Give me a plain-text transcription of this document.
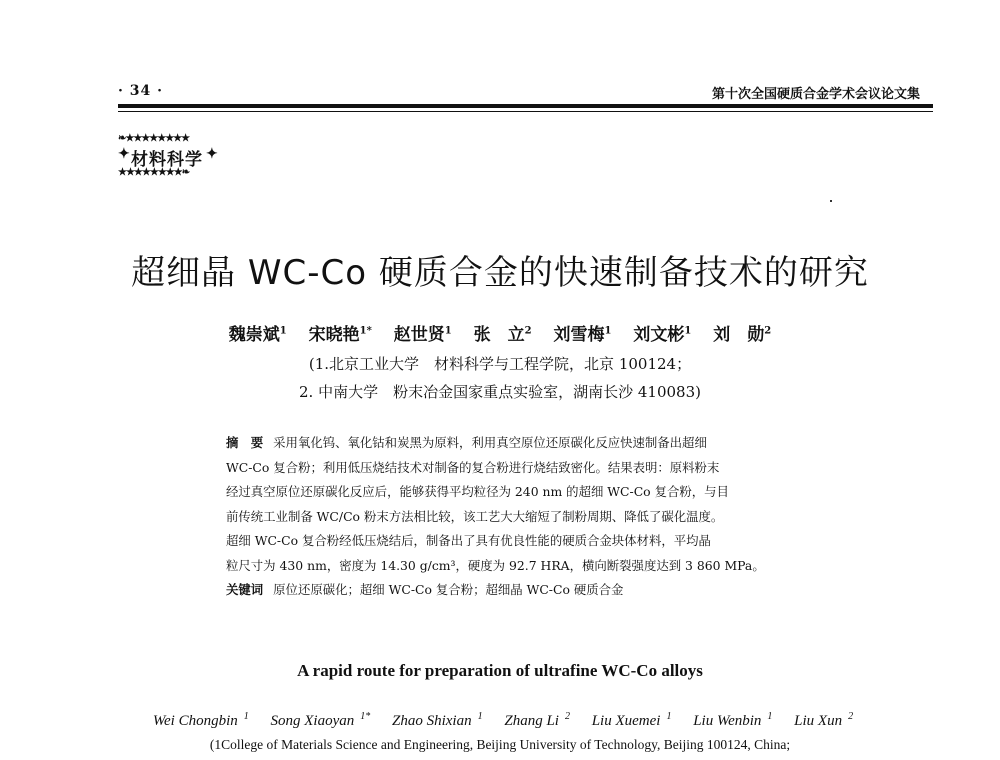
· 34 ·	第十次全国硬质合金学术会议论文集
❧★★★★★★★★
✦ 材料科学 ✦
★★★★★★★★❧
超细晶 WC-Co 硬质合金的快速制备技术的研究
魏崇斌$^1$ 宋晓艳$^{1*}$ 赵世贤$^1$ 张　立$^2$ 刘雪梅$^1$ 刘文彬$^1$ 刘　勋$^2$
(1.北京工业大学　材料科学与工程学院，北京 100124；
2. 中南大学　粉末冶金国家重点实验室，湖南长沙 410083)
摘　要 采用氧化钨、氧化钴和炭黑为原料，利用真空原位还原碳化反应快速制备出超细
WC-Co 复合粉；利用低压烧结技术对制备的复合粉进行烧结致密化。结果表明：原料粉末
经过真空原位还原碳化反应后，能够获得平均粒径为 240 nm 的超细 WC-Co 复合粉，与目
前传统工业制备 WC/Co 粉末方法相比较，该工艺大大缩短了制粉周期、降低了碳化温度。
超细 WC-Co 复合粉经低压烧结后，制备出了具有优良性能的硬质合金块体材料，平均晶
粒尺寸为 430 nm，密度为 14.30 g/cm³，硬度为 92.7 HRA，横向断裂强度达到 3 860 MPa。
关键词 原位还原碳化；超细 WC-Co 复合粉；超细晶 WC-Co 硬质合金
A rapid route for preparation of ultrafine WC-Co alloys
Wei Chongbin $^1$ Song Xiaoyan $^{1*}$ Zhao Shixian $^1$ Zhang Li $^2$ Liu Xuemei $^1$ Liu Wenbin $^1$ Liu Xun $^2$
(1College of Materials Science and Engineering, Beijing University of Technology, Beijing 100124, China;
